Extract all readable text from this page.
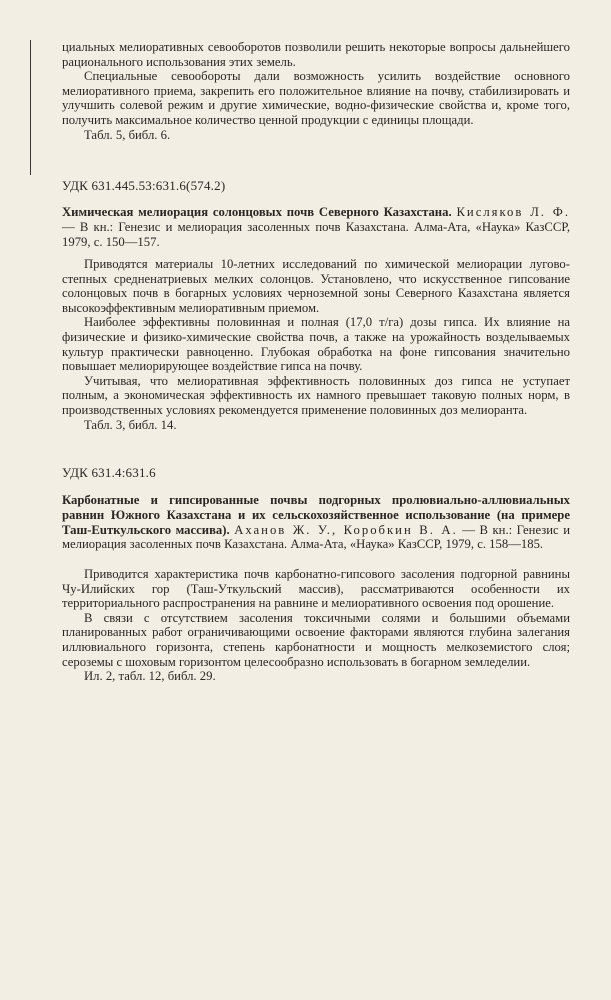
циальных мелиоративных севооборотов позволили решить некоторые вопросы дальнейшего рационального использования этих земель.

Специальные севообороты дали возможность усилить воздействие основного мелиоративного приема, закрепить его положительное влияние на почву, стабилизировать и улучшить солевой режим и другие химические, водно-физические свойства и, кроме того, получить максимальное количество ценной продукции с единицы площади.

Табл. 5, библ. 6.

УДК 631.445.53:631.6(574.2)
Химическая мелиорация солонцовых почв Северного Казахстана. Кисляков Л. Ф. — В кн.: Генезис и мелиорация засоленных почв Казахстана. Алма-Ата, «Наука» КазССР, 1979, с. 150—157.

Приводятся материалы 10-летних исследований по химической мелиорации лугово-степных средненатриевых мелких солонцов. Установлено, что искусственное гипсование солонцовых почв в богарных условиях черноземной зоны Северного Казахстана является высокоэффективным мелиоративным приемом.

Наиболее эффективны половинная и полная (17,0 т/га) дозы гипса. Их влияние на физические и физико-химические свойства почв, а также на урожайность возделываемых культур практически равноценно. Глубокая обработка на фоне гипсования значительно повышает мелиорирующее воздействие гипса на почву.

Учитывая, что мелиоративная эффективность половинных доз гипса не уступает полным, а экономическая эффективность их намного превышает таковую полных норм, в производственных условиях рекомендуется применение половинных доз мелиоранта.

Табл. 3, библ. 14.

УДК 631.4:631.6
Карбонатные и гипсированные почвы подгорных пролювиально-аллювиальных равнин Южного Казахстана и их сельскохозяйственное использование (на примере Таш-Euткульского массива). Аханов Ж. У., Коробкин В. А. — В кн.: Генезис и мелиорация засоленных почв Казахстана. Алма-Ата, «Наука» КазССР, 1979, с. 158—185.

Приводится характеристика почв карбонатно-гипсового засоления подгорной равнины Чу-Илийских гор (Таш-Уткульский массив), рассматриваются особенности их территориального распространения на равнине и мелиоративного освоения под орошение.

В связи с отсутствием засоления токсичными солями и большими объемами планированных работ ограничивающими освоение факторами являются глубина залегания иллювиального горизонта, степень карбонатности и мощность мелкоземистого слоя; сероземы с шоховым горизонтом целесообразно использовать в богарном земледелии.

Ил. 2, табл. 12, библ. 29.
